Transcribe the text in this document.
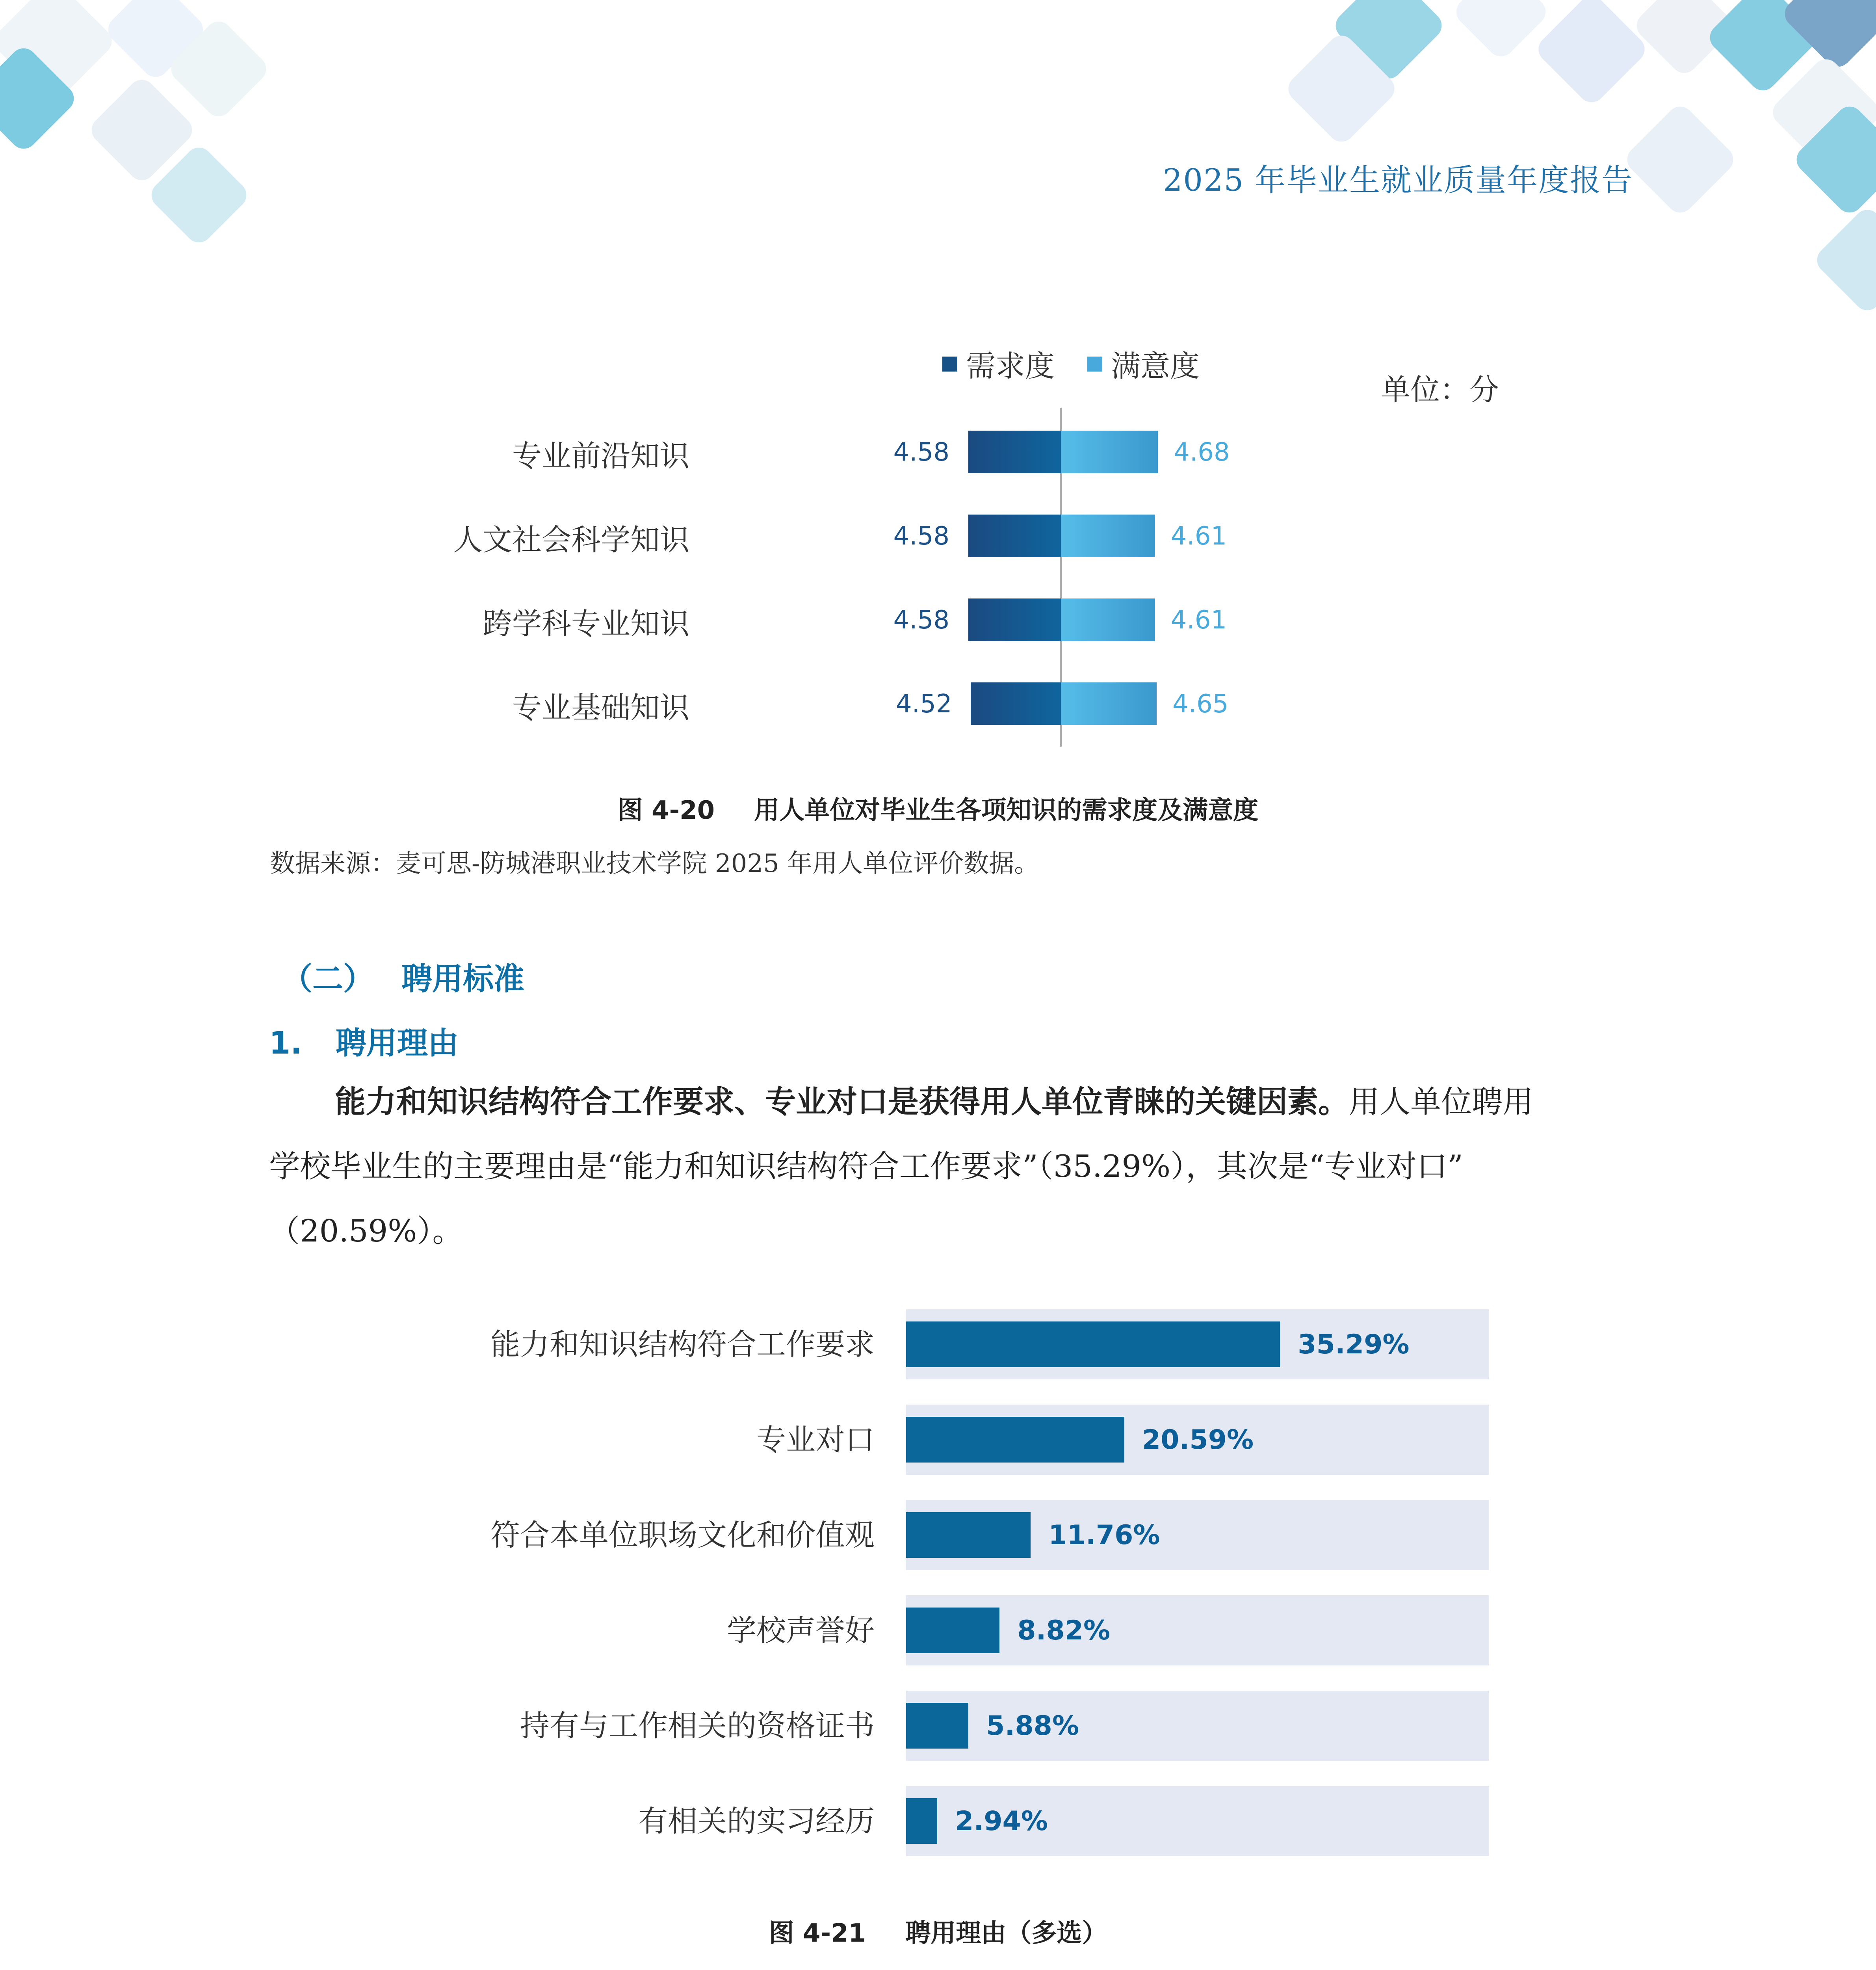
2025 年毕业生就业质量年度报告
需求度 满意度
单位：分
专业前沿知识	4.58	4.68
人文社会科学知识	4.58	4.61
跨学科专业知识	4.58	4.61
专业基础知识	4.52	4.65
图 4-20 用人单位对毕业生各项知识的需求度及满意度
数据来源：麦可思-防城港职业技术学院 2025 年用人单位评价数据。
（二） 聘用标准
1. 聘用理由
能力和知识结构符合工作要求、专业对口是获得用人单位青睐的关键因素。用人单位聘用
学校毕业生的主要理由是“能力和知识结构符合工作要求”（35.29%），其次是“专业对口”
（20.59%）。
能力和知识结构符合工作要求	35.29%
专业对口	20.59%
符合本单位职场文化和价值观	11.76%
学校声誉好	8.82%
持有与工作相关的资格证书	5.88%
有相关的实习经历	2.94%
图 4-21 聘用理由（多选）
